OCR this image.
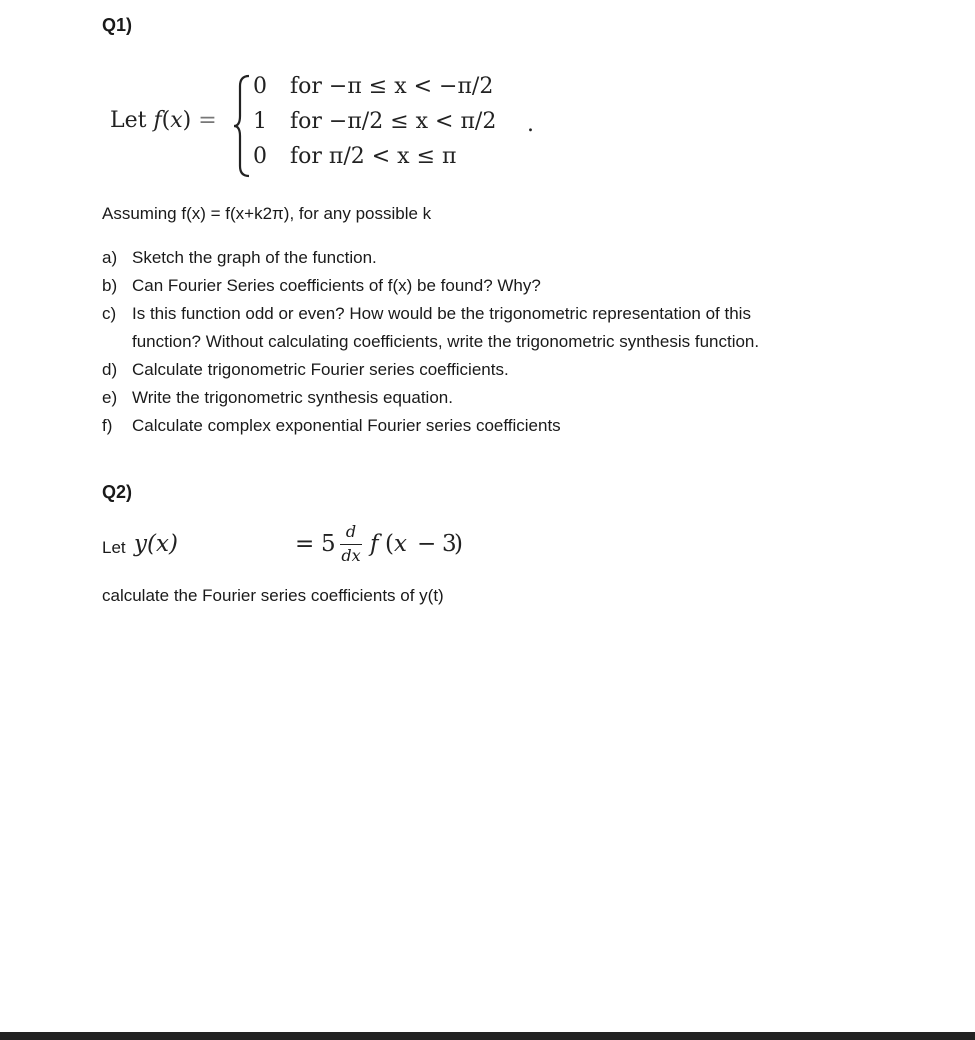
Q1)
Let f(x) =
0 for −π ≤ x < −π/2
1 for −π/2 ≤ x < π/2
0 for π/2 < x ≤ π
.
Assuming f(x) = f(x+k2π), for any possible k
a) Sketch the graph of the function.
b) Can Fourier Series coefficients of f(x) be found? Why?
c) Is this function odd or even? How would be the trigonometric representation of this
function? Without calculating coefficients, write the trigonometric synthesis function.
d) Calculate trigonometric Fourier series coefficients.
e) Write the trigonometric synthesis equation.
f) Calculate complex exponential Fourier series coefficients
Q2)
Let y(x)	= 5 d
dx f ( x − 3
)
calculate the Fourier series coefficients of y(t)
